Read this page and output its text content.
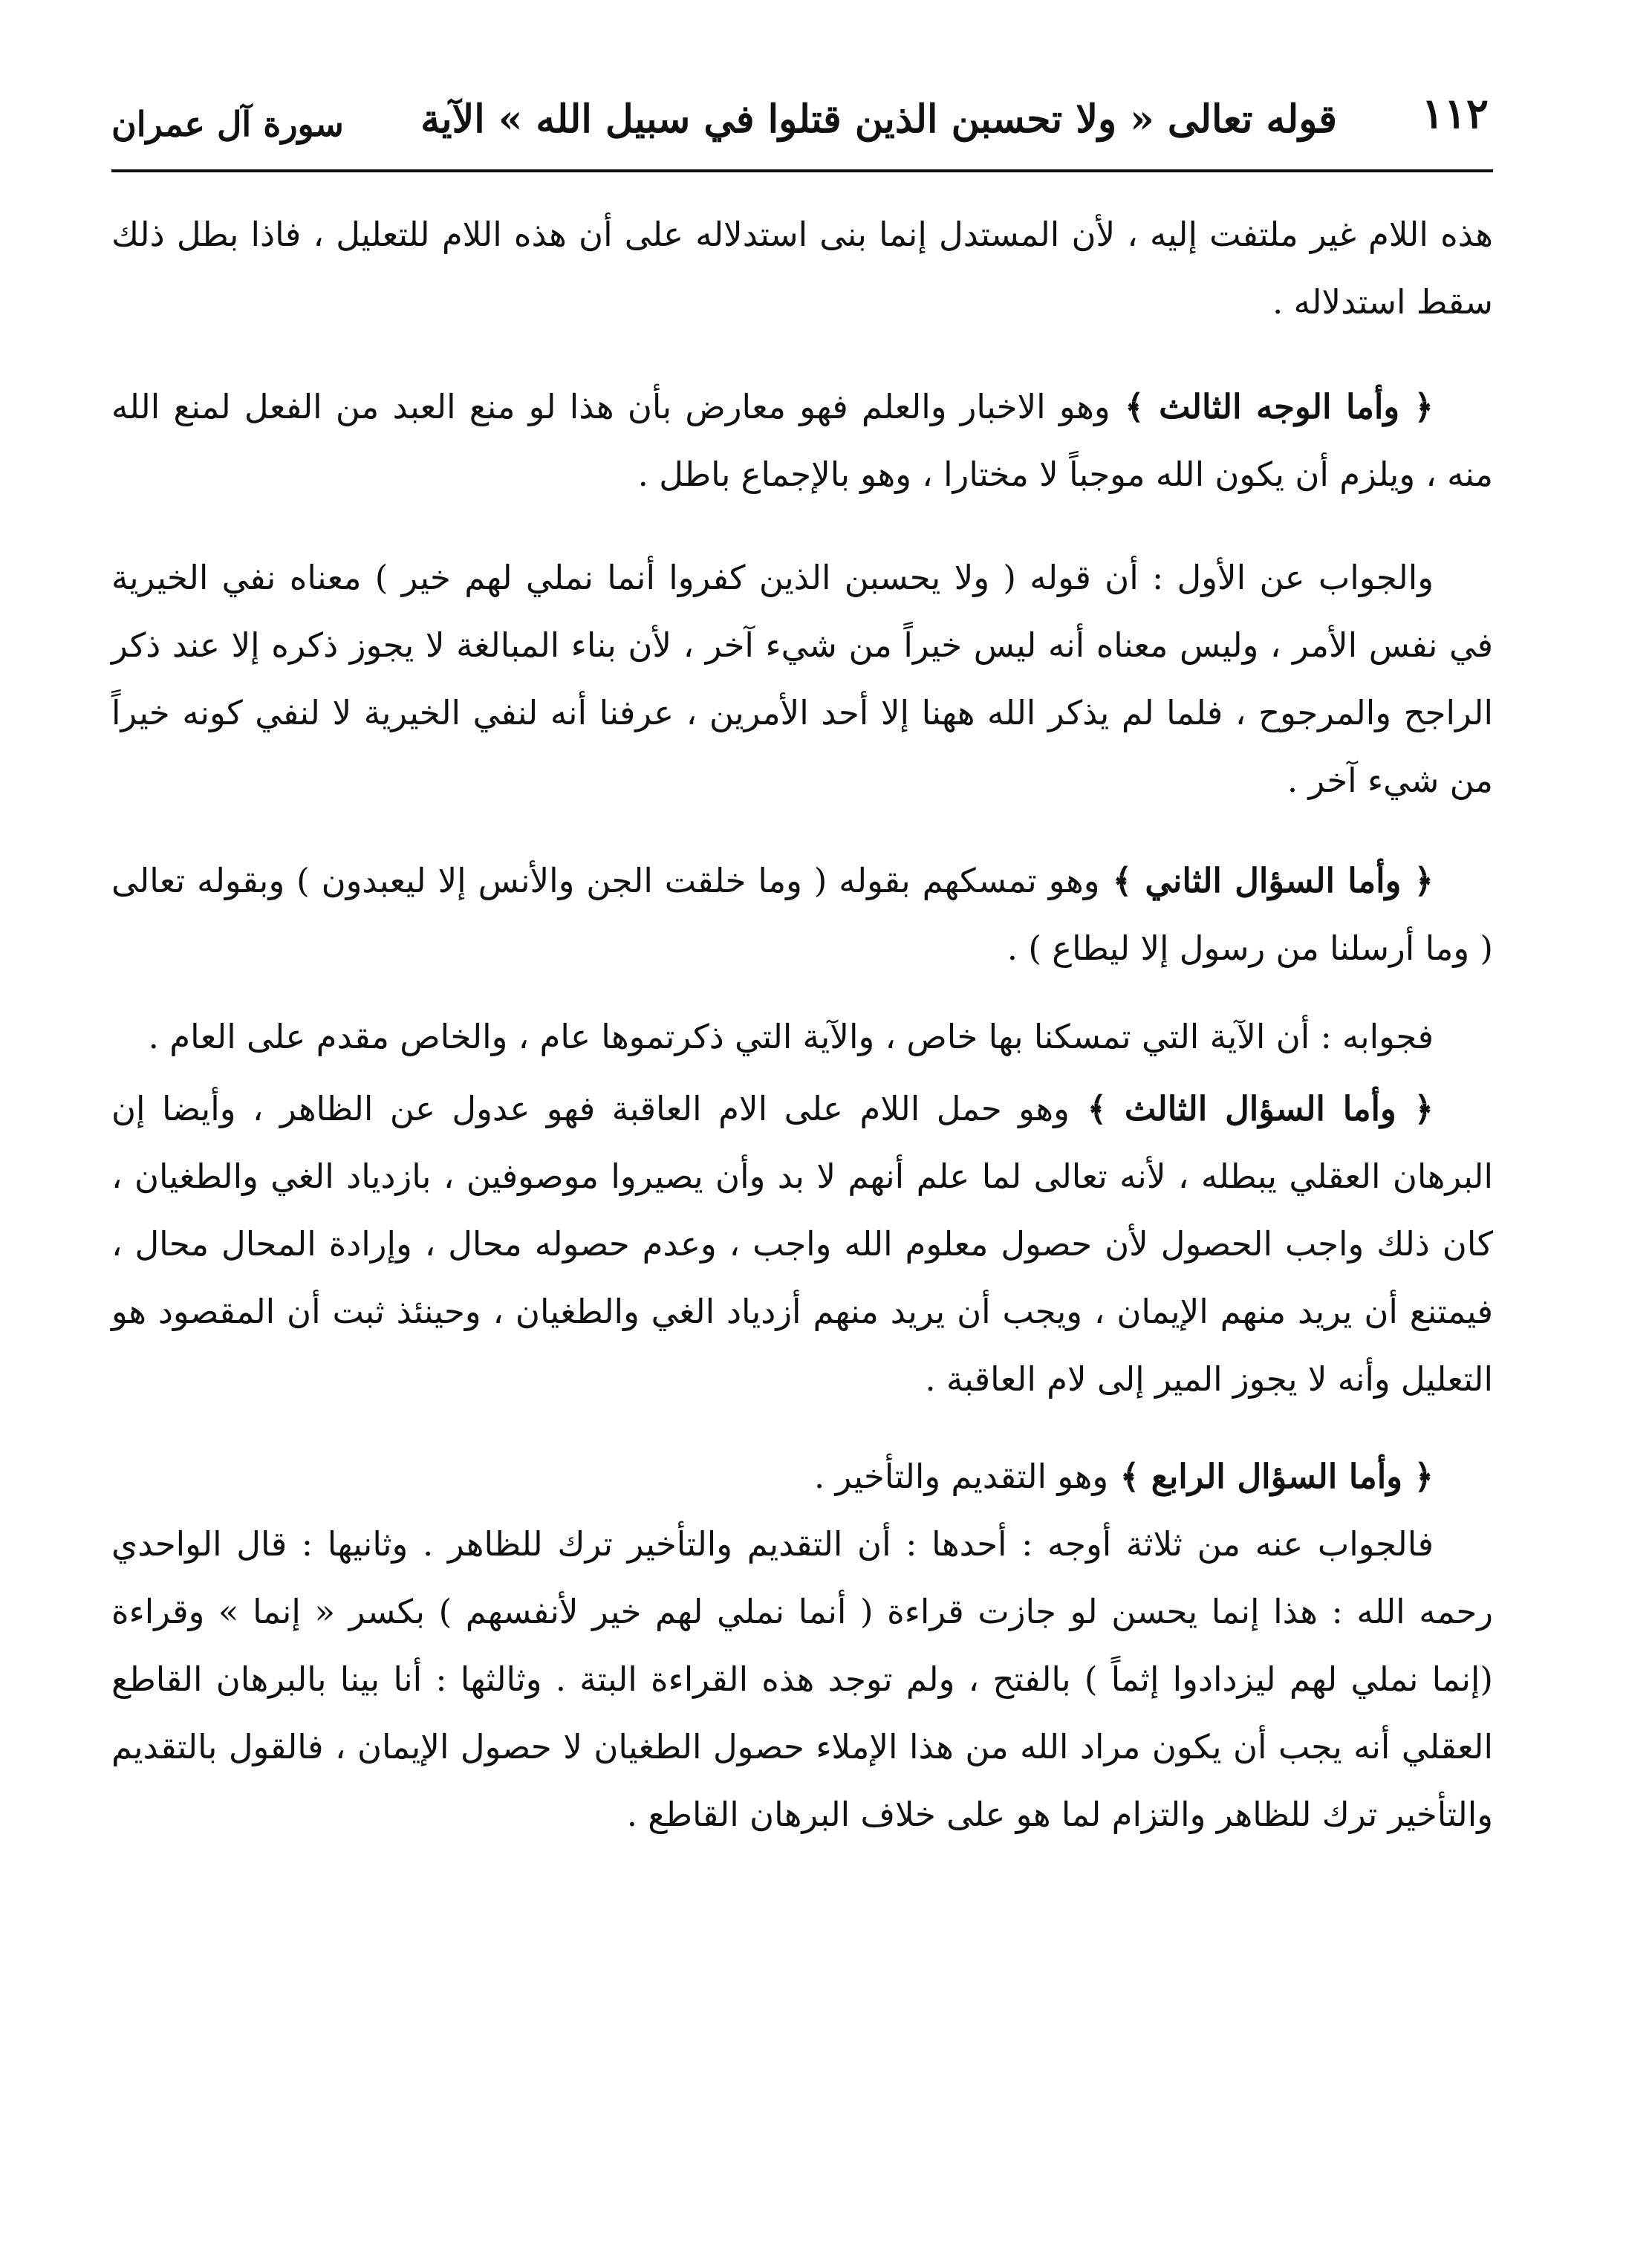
١١٢
قوله تعالى « ولا تحسبن الذين قتلوا في سبيل الله » الآية
سورة آل عمران

هذه اللام غير ملتفت إليه ، لأن المستدل إنما بنى استدلاله على أن هذه اللام للتعليل ، فاذا بطل ذلك سقط استدلاله .

﴿ وأما الوجه الثالث ﴾ وهو الاخبار والعلم فهو معارض بأن هذا لو منع العبد من الفعل لمنع الله منه ، ويلزم أن يكون الله موجباً لا مختارا ، وهو بالإجماع باطل .

والجواب عن الأول : أن قوله ( ولا يحسبن الذين كفروا أنما نملي لهم خير ) معناه نفي الخيرية في نفس الأمر ، وليس معناه أنه ليس خيراً من شيء آخر ، لأن بناء المبالغة لا يجوز ذكره إلا عند ذكر الراجح والمرجوح ، فلما لم يذكر الله ههنا إلا أحد الأمرين ، عرفنا أنه لنفي الخيرية لا لنفي كونه خيراً من شيء آخر .

﴿ وأما السؤال الثاني ﴾ وهو تمسكهم بقوله ( وما خلقت الجن والأنس إلا ليعبدون ) وبقوله تعالى ( وما أرسلنا من رسول إلا ليطاع ) .

فجوابه : أن الآية التي تمسكنا بها خاص ، والآية التي ذكرتموها عام ، والخاص مقدم على العام .

﴿ وأما السؤال الثالث ﴾ وهو حمل اللام على الام العاقبة فهو عدول عن الظاهر ، وأيضا إن البرهان العقلي يبطله ، لأنه تعالى لما علم أنهم لا بد وأن يصيروا موصوفين ، بازدياد الغي والطغيان ، كان ذلك واجب الحصول لأن حصول معلوم الله واجب ، وعدم حصوله محال ، وإرادة المحال محال ، فيمتنع أن يريد منهم الإيمان ، ويجب أن يريد منهم أزدياد الغي والطغيان ، وحينئذ ثبت أن المقصود هو التعليل وأنه لا يجوز المير إلى لام العاقبة .

﴿ وأما السؤال الرابع ﴾ وهو التقديم والتأخير .

فالجواب عنه من ثلاثة أوجه : أحدها : أن التقديم والتأخير ترك للظاهر . وثانيها : قال الواحدي رحمه الله : هذا إنما يحسن لو جازت قراءة ( أنما نملي لهم خير لأنفسهم ) بكسر « إنما » وقراءة (إنما نملي لهم ليزدادوا إثماً ) بالفتح ، ولم توجد هذه القراءة البتة . وثالثها : أنا بينا بالبرهان القاطع العقلي أنه يجب أن يكون مراد الله من هذا الإملاء حصول الطغيان لا حصول الإيمان ، فالقول بالتقديم والتأخير ترك للظاهر والتزام لما هو على خلاف البرهان القاطع .
